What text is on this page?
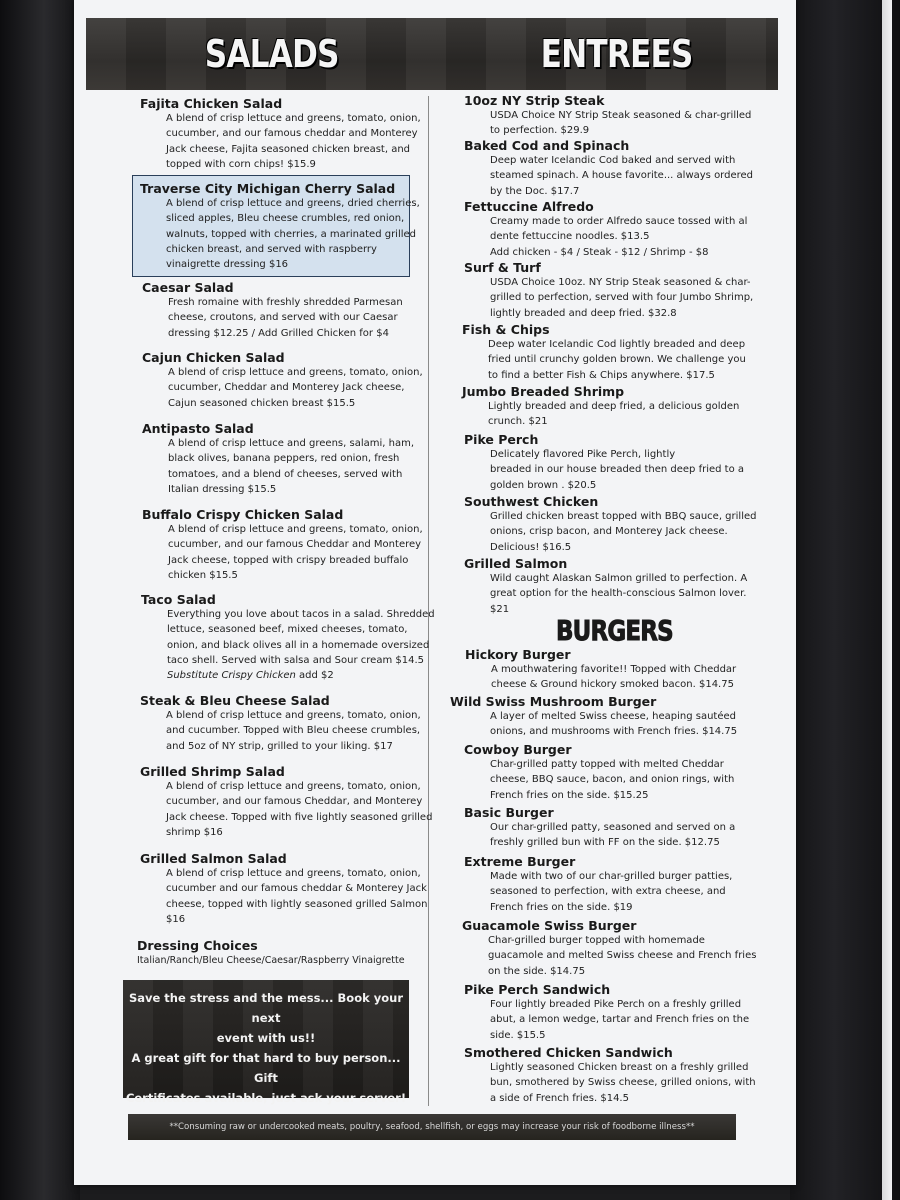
SALADS	ENTREES
Fajita Chicken Salad
A blend of crisp lettuce and greens, tomato, onion,
cucumber, and our famous cheddar and Monterey
Jack cheese, Fajita seasoned chicken breast, and
topped with corn chips! $15.9
Traverse City Michigan Cherry Salad
A blend of crisp lettuce and greens, dried cherries,
sliced apples, Bleu cheese crumbles, red onion,
walnuts, topped with cherries, a marinated grilled
chicken breast, and served with raspberry
vinaigrette dressing $16
Caesar Salad
Fresh romaine with freshly shredded Parmesan
cheese, croutons, and served with our Caesar
dressing $12.25 / Add Grilled Chicken for $4
Cajun Chicken Salad
A blend of crisp lettuce and greens, tomato, onion,
cucumber, Cheddar and Monterey Jack cheese,
Cajun seasoned chicken breast $15.5
Antipasto Salad
A blend of crisp lettuce and greens, salami, ham,
black olives, banana peppers, red onion, fresh
tomatoes, and a blend of cheeses, served with
Italian dressing $15.5
Buffalo Crispy Chicken Salad
A blend of crisp lettuce and greens, tomato, onion,
cucumber, and our famous Cheddar and Monterey
Jack cheese, topped with crispy breaded buffalo
chicken $15.5
Taco Salad
Everything you love about tacos in a salad. Shredded
lettuce, seasoned beef, mixed cheeses, tomato,
onion, and black olives all in a homemade oversized
taco shell. Served with salsa and Sour cream $14.5
Substitute Crispy Chicken add $2
Steak & Bleu Cheese Salad
A blend of crisp lettuce and greens, tomato, onion,
and cucumber. Topped with Bleu cheese crumbles,
and 5oz of NY strip, grilled to your liking. $17
Grilled Shrimp Salad
A blend of crisp lettuce and greens, tomato, onion,
cucumber, and our famous Cheddar, and Monterey
Jack cheese. Topped with five lightly seasoned grilled
shrimp $16
Grilled Salmon Salad
A blend of crisp lettuce and greens, tomato, onion,
cucumber and our famous cheddar & Monterey Jack
cheese, topped with lightly seasoned grilled Salmon
$16
Dressing Choices
Italian/Ranch/Bleu Cheese/Caesar/Raspberry Vinaigrette
Save the stress and the mess... Book your next
event with us!!
A great gift for that hard to buy person... Gift
Certificates available, just ask your server!
10oz NY Strip Steak
USDA Choice NY Strip Steak seasoned & char-grilled
to perfection. $29.9
Baked Cod and Spinach
Deep water Icelandic Cod baked and served with
steamed spinach. A house favorite... always ordered
by the Doc. $17.7
Fettuccine Alfredo
Creamy made to order Alfredo sauce tossed with al
dente fettuccine noodles. $13.5
Add chicken - $4 / Steak - $12 / Shrimp - $8
Surf & Turf
USDA Choice 10oz. NY Strip Steak seasoned & char-
grilled to perfection, served with four Jumbo Shrimp,
lightly breaded and deep fried. $32.8
Fish & Chips
Deep water Icelandic Cod lightly breaded and deep
fried until crunchy golden brown. We challenge you
to find a better Fish & Chips anywhere. $17.5
Jumbo Breaded Shrimp
Lightly breaded and deep fried, a delicious golden
crunch. $21
Pike Perch
Delicately flavored Pike Perch, lightly
breaded in our house breaded then deep fried to a
golden brown . $20.5
Southwest Chicken
Grilled chicken breast topped with BBQ sauce, grilled
onions, crisp bacon, and Monterey Jack cheese.
Delicious! $16.5
Grilled Salmon
Wild caught Alaskan Salmon grilled to perfection. A
great option for the health-conscious Salmon lover.
$21
BURGERS
Hickory Burger
A mouthwatering favorite!! Topped with Cheddar
cheese & Ground hickory smoked bacon. $14.75
Wild Swiss Mushroom Burger
A layer of melted Swiss cheese, heaping sautéed
onions, and mushrooms with French fries. $14.75
Cowboy Burger
Char-grilled patty topped with melted Cheddar
cheese, BBQ sauce, bacon, and onion rings, with
French fries on the side. $15.25
Basic Burger
Our char-grilled patty, seasoned and served on a
freshly grilled bun with FF on the side. $12.75
Extreme Burger
Made with two of our char-grilled burger patties,
seasoned to perfection, with extra cheese, and
French fries on the side. $19
Guacamole Swiss Burger
Char-grilled burger topped with homemade
guacamole and melted Swiss cheese and French fries
on the side. $14.75
Pike Perch Sandwich
Four lightly breaded Pike Perch on a freshly grilled
abut, a lemon wedge, tartar and French fries on the
side. $15.5
Smothered Chicken Sandwich
Lightly seasoned Chicken breast on a freshly grilled
bun, smothered by Swiss cheese, grilled onions, with
a side of French fries. $14.5
**Consuming raw or undercooked meats, poultry, seafood, shellfish, or eggs may increase your risk of foodborne illness**
